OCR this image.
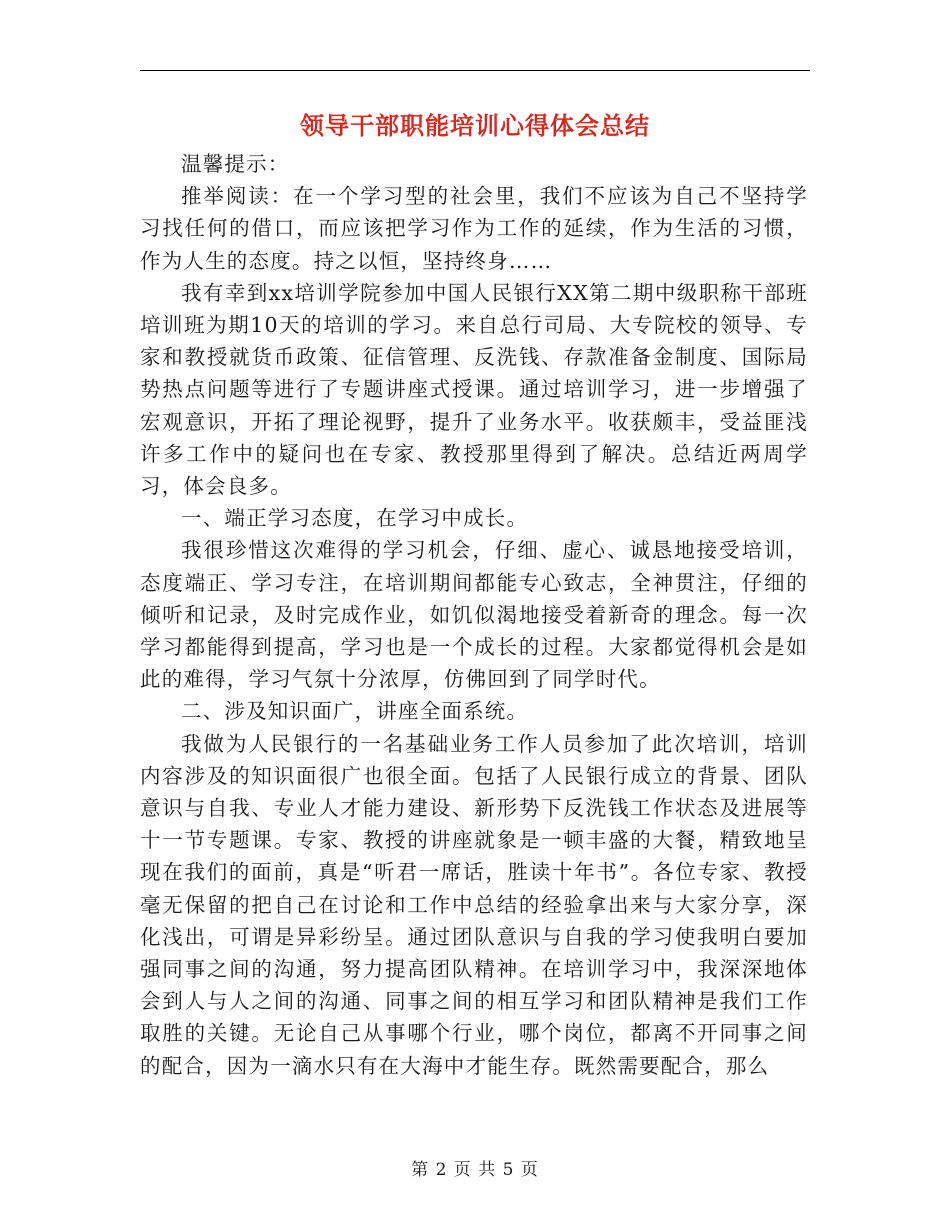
领导干部职能培训心得体会总结

温馨提示：

推举阅读：在一个学习型的社会里，我们不应该为自己不坚持学习找任何的借口，而应该把学习作为工作的延续，作为生活的习惯，作为人生的态度。持之以恒，坚持终身……

我有幸到xx培训学院参加中国人民银行XX第二期中级职称干部班培训班为期10天的培训的学习。来自总行司局、大专院校的领导、专家和教授就货币政策、征信管理、反洗钱、存款准备金制度、国际局势热点问题等进行了专题讲座式授课。通过培训学习，进一步增强了宏观意识，开拓了理论视野，提升了业务水平。收获颇丰，受益匪浅许多工作中的疑问也在专家、教授那里得到了解决。总结近两周学习，体会良多。

一、端正学习态度，在学习中成长。

我很珍惜这次难得的学习机会，仔细、虚心、诚恳地接受培训，态度端正、学习专注，在培训期间都能专心致志，全神贯注，仔细的倾听和记录，及时完成作业，如饥似渴地接受着新奇的理念。每一次学习都能得到提高，学习也是一个成长的过程。大家都觉得机会是如此的难得，学习气氛十分浓厚，仿佛回到了同学时代。

二、涉及知识面广，讲座全面系统。

我做为人民银行的一名基础业务工作人员参加了此次培训，培训内容涉及的知识面很广也很全面。包括了人民银行成立的背景、团队意识与自我、专业人才能力建设、新形势下反洗钱工作状态及进展等十一节专题课。专家、教授的讲座就象是一顿丰盛的大餐，精致地呈现在我们的面前，真是“听君一席话，胜读十年书”。各位专家、教授毫无保留的把自己在讨论和工作中总结的经验拿出来与大家分享，深化浅出，可谓是异彩纷呈。通过团队意识与自我的学习使我明白要加强同事之间的沟通，努力提高团队精神。在培训学习中，我深深地体会到人与人之间的沟通、同事之间的相互学习和团队精神是我们工作取胜的关键。无论自己从事哪个行业，哪个岗位，都离不开同事之间的配合，因为一滴水只有在大海中才能生存。既然需要配合，那么

第 2 页 共 5 页
